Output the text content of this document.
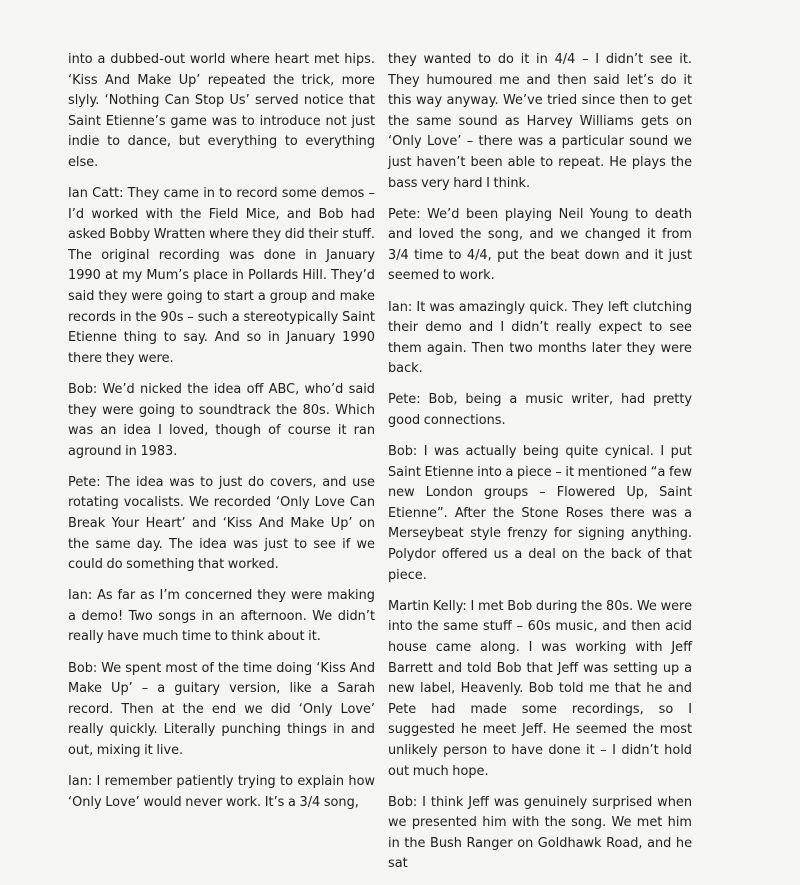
into a dubbed-out world where heart met hips. ‘Kiss And Make Up’ repeated the trick, more slyly. ‘Nothing Can Stop Us’ served notice that Saint Etienne’s game was to introduce not just indie to dance, but everything to everything else.

Ian Catt: They came in to record some demos – I’d worked with the Field Mice, and Bob had asked Bobby Wratten where they did their stuff. The original recording was done in January 1990 at my Mum’s place in Pollards Hill. They’d said they were going to start a group and make records in the 90s – such a stereotypically Saint Etienne thing to say. And so in January 1990 there they were.

Bob: We’d nicked the idea off ABC, who’d said they were going to soundtrack the 80s. Which was an idea I loved, though of course it ran aground in 1983.

Pete: The idea was to just do covers, and use rotating vocalists. We recorded ‘Only Love Can Break Your Heart’ and ‘Kiss And Make Up’ on the same day. The idea was just to see if we could do something that worked.

Ian: As far as I’m concerned they were making a demo! Two songs in an afternoon. We didn’t really have much time to think about it.

Bob: We spent most of the time doing ‘Kiss And Make Up’ – a guitary version, like a Sarah record. Then at the end we did ‘Only Love’ really quickly. Literally punching things in and out, mixing it live.

Ian: I remember patiently trying to explain how ‘Only Love’ would never work. It’s a 3/4 song,

they wanted to do it in 4/4 – I didn’t see it. They humoured me and then said let’s do it this way anyway. We’ve tried since then to get the same sound as Harvey Williams gets on ‘Only Love’ – there was a particular sound we just haven’t been able to repeat. He plays the bass very hard I think.

Pete: We’d been playing Neil Young to death and loved the song, and we changed it from 3/4 time to 4/4, put the beat down and it just seemed to work.

Ian: It was amazingly quick. They left clutching their demo and I didn’t really expect to see them again. Then two months later they were back.

Pete: Bob, being a music writer, had pretty good connections.

Bob: I was actually being quite cynical. I put Saint Etienne into a piece – it mentioned “a few new London groups – Flowered Up, Saint Etienne”. After the Stone Roses there was a Merseybeat style frenzy for signing anything. Polydor offered us a deal on the back of that piece.

Martin Kelly: I met Bob during the 80s. We were into the same stuff – 60s music, and then acid house came along. I was working with Jeff Barrett and told Bob that Jeff was setting up a new label, Heavenly. Bob told me that he and Pete had made some recordings, so I suggested he meet Jeff. He seemed the most unlikely person to have done it – I didn’t hold out much hope.

Bob: I think Jeff was genuinely surprised when we presented him with the song. We met him in the Bush Ranger on Goldhawk Road, and he sat
